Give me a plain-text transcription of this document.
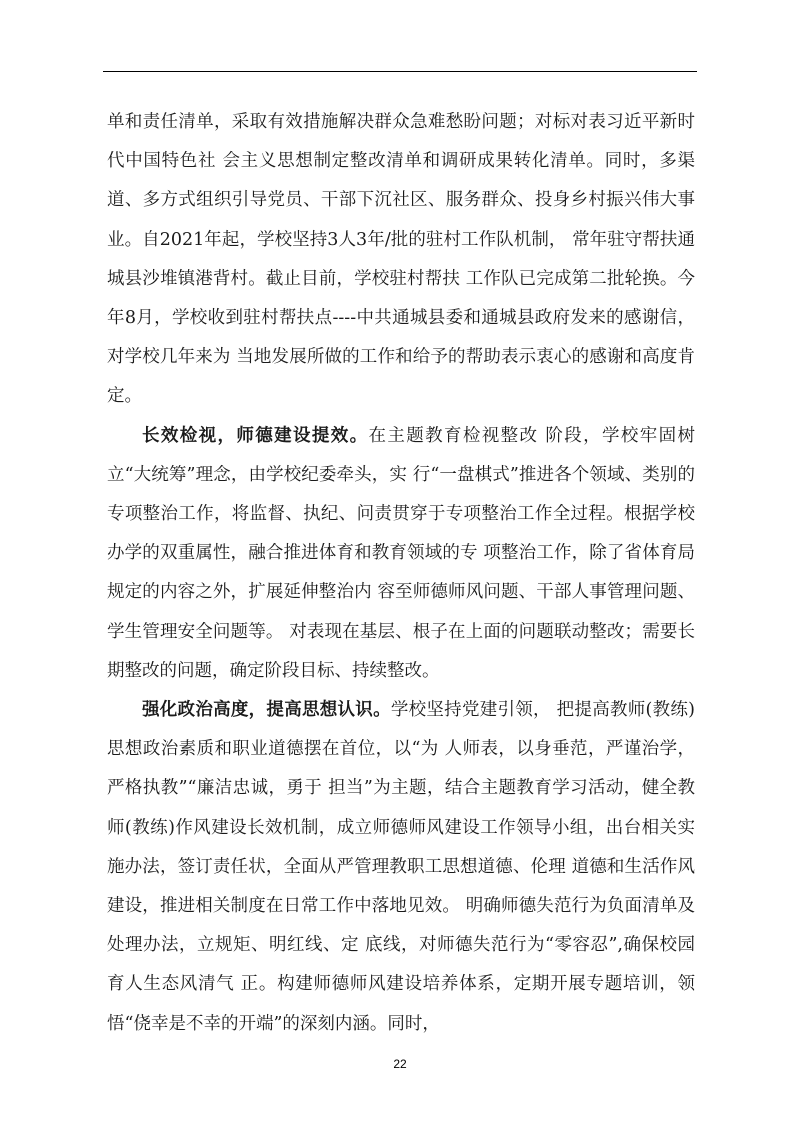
单和责任清单，采取有效措施解决群众急难愁盼问题；对标对表习近平新时代中国特色社 会主义思想制定整改清单和调研成果转化清单。同时，多渠道、多方式组织引导党员、干部下沉社区、服务群众、投身乡村振兴伟大事业。自2021年起，学校坚持3人3年/批的驻村工作队机制， 常年驻守帮扶通城县沙堆镇港背村。截止目前，学校驻村帮扶 工作队已完成第二批轮换。今年8月，学校收到驻村帮扶点----中共通城县委和通城县政府发来的感谢信，对学校几年来为 当地发展所做的工作和给予的帮助表示衷心的感谢和高度肯定。

长效检视，师德建设提效。在主题教育检视整改 阶段，学校牢固树立“大统筹”理念，由学校纪委牵头，实 行“一盘棋式”推进各个领域、类别的专项整治工作，将监督、执纪、问责贯穿于专项整治工作全过程。根据学校办学的双重属性，融合推进体育和教育领域的专 项整治工作，除了省体育局规定的内容之外，扩展延伸整治内 容至师德师风问题、干部人事管理问题、学生管理安全问题等。 对表现在基层、根子在上面的问题联动整改；需要长期整改的问题，确定阶段目标、持续整改。

强化政治高度，提高思想认识。学校坚持党建引领， 把提高教师(教练)思想政治素质和职业道德摆在首位，以“为 人师表，以身垂范，严谨治学，严格执教”“廉洁忠诚，勇于 担当”为主题，结合主题教育学习活动，健全教师(教练)作风建设长效机制，成立师德师风建设工作领导小组，出台相关实施办法，签订责任状，全面从严管理教职工思想道德、伦理 道德和生活作风建设，推进相关制度在日常工作中落地见效。 明确师德失范行为负面清单及处理办法，立规矩、明红线、定 底线，对师德失范行为“零容忍”,确保校园育人生态风清气 正。构建师德师风建设培养体系，定期开展专题培训，领悟“侥幸是不幸的开端”的深刻内涵。同时，

22
